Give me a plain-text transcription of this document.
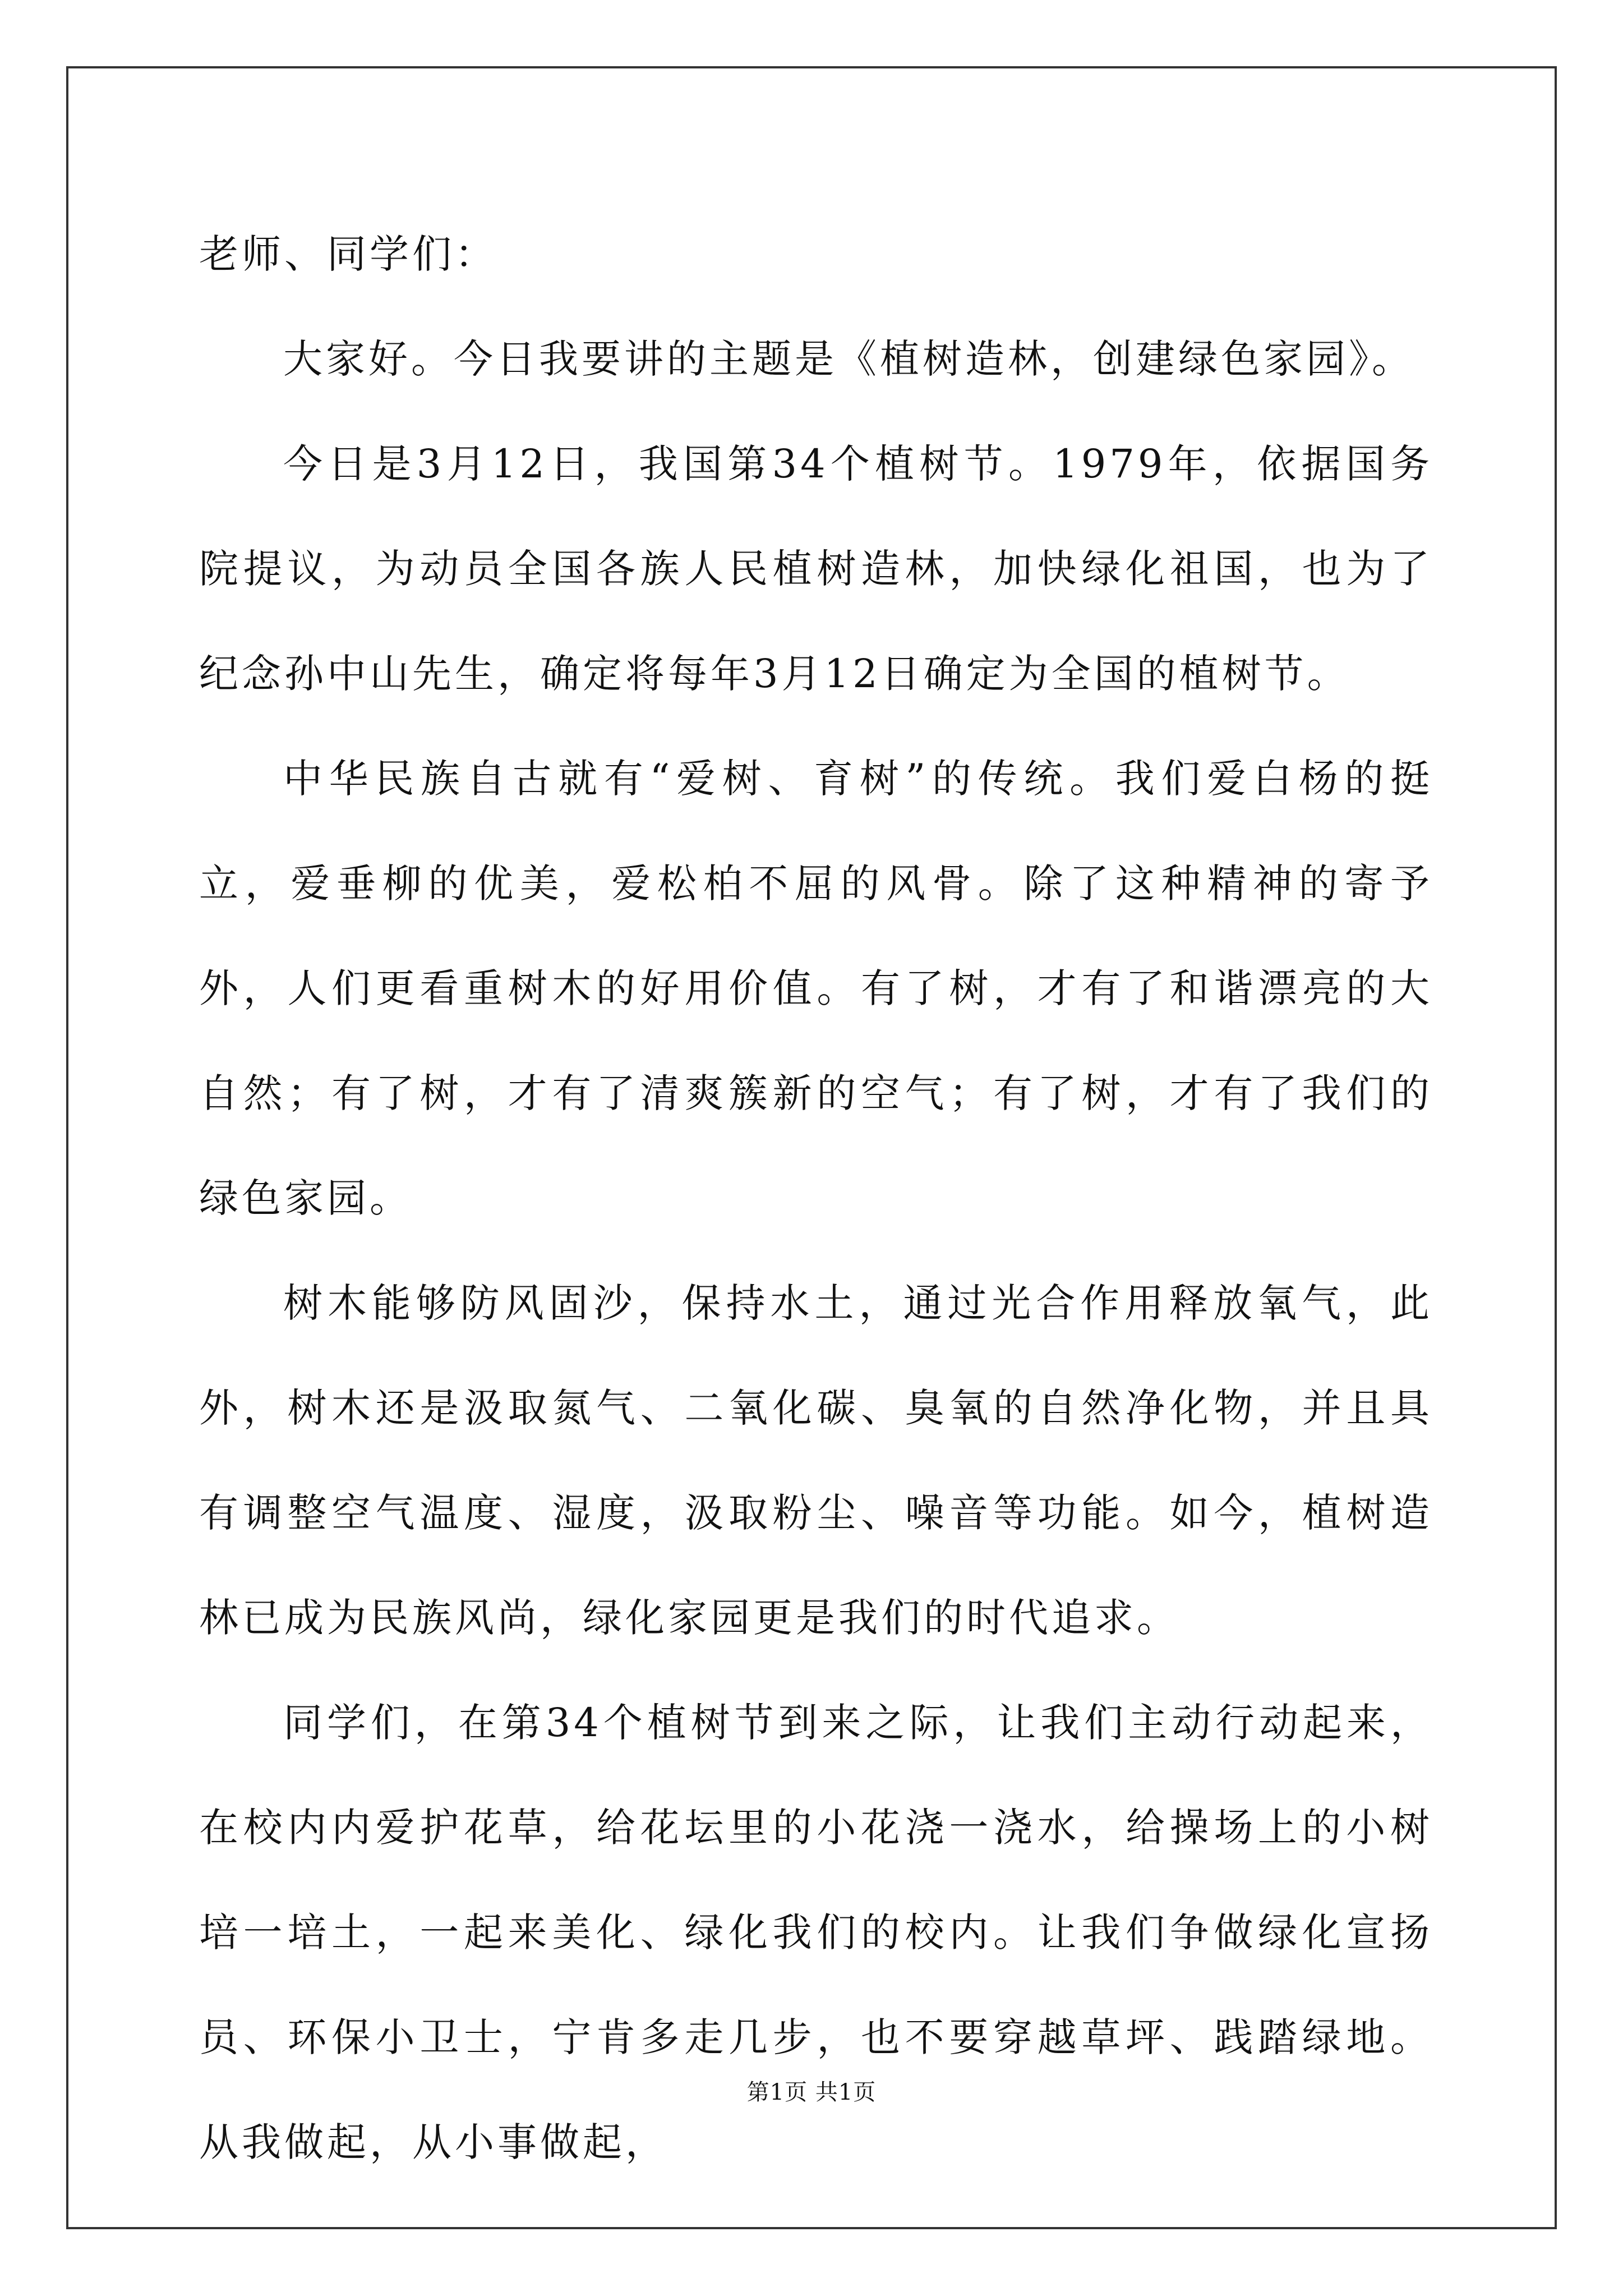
老师、同学们：

大家好。今日我要讲的主题是《植树造林，创建绿色家园》。

今日是3月12日，我国第34个植树节。1979年，依据国务院提议，为动员全国各族人民植树造林，加快绿化祖国，也为了纪念孙中山先生，确定将每年3月12日确定为全国的植树节。

中华民族自古就有“爱树、育树”的传统。我们爱白杨的挺立，爱垂柳的优美，爱松柏不屈的风骨。除了这种精神的寄予外，人们更看重树木的好用价值。有了树，才有了和谐漂亮的大自然；有了树，才有了清爽簇新的空气；有了树，才有了我们的绿色家园。

树木能够防风固沙，保持水土，通过光合作用释放氧气，此外，树木还是汲取氮气、二氧化碳、臭氧的自然净化物，并且具有调整空气温度、湿度，汲取粉尘、噪音等功能。如今，植树造林已成为民族风尚，绿化家园更是我们的时代追求。

同学们，在第34个植树节到来之际，让我们主动行动起来，在校内内爱护花草，给花坛里的小花浇一浇水，给操场上的小树培一培土，一起来美化、绿化我们的校内。让我们争做绿化宣扬员、环保小卫士，宁肯多走几步，也不要穿越草坪、践踏绿地。从我做起，从小事做起，

第1页 共1页
